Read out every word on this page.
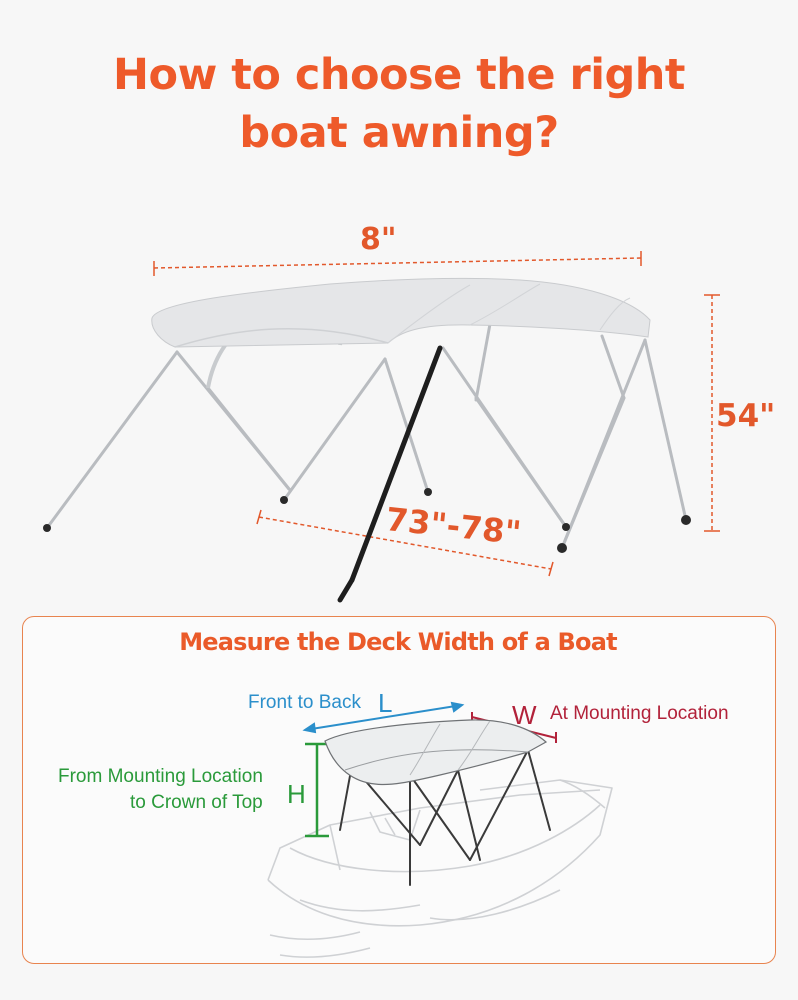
How to choose the right
boat awning?
8"
54"
73"-78"
Measure the Deck Width of a Boat
Front to Back L	W At Mounting Location
From Mounting Location
to Crown of Top H
